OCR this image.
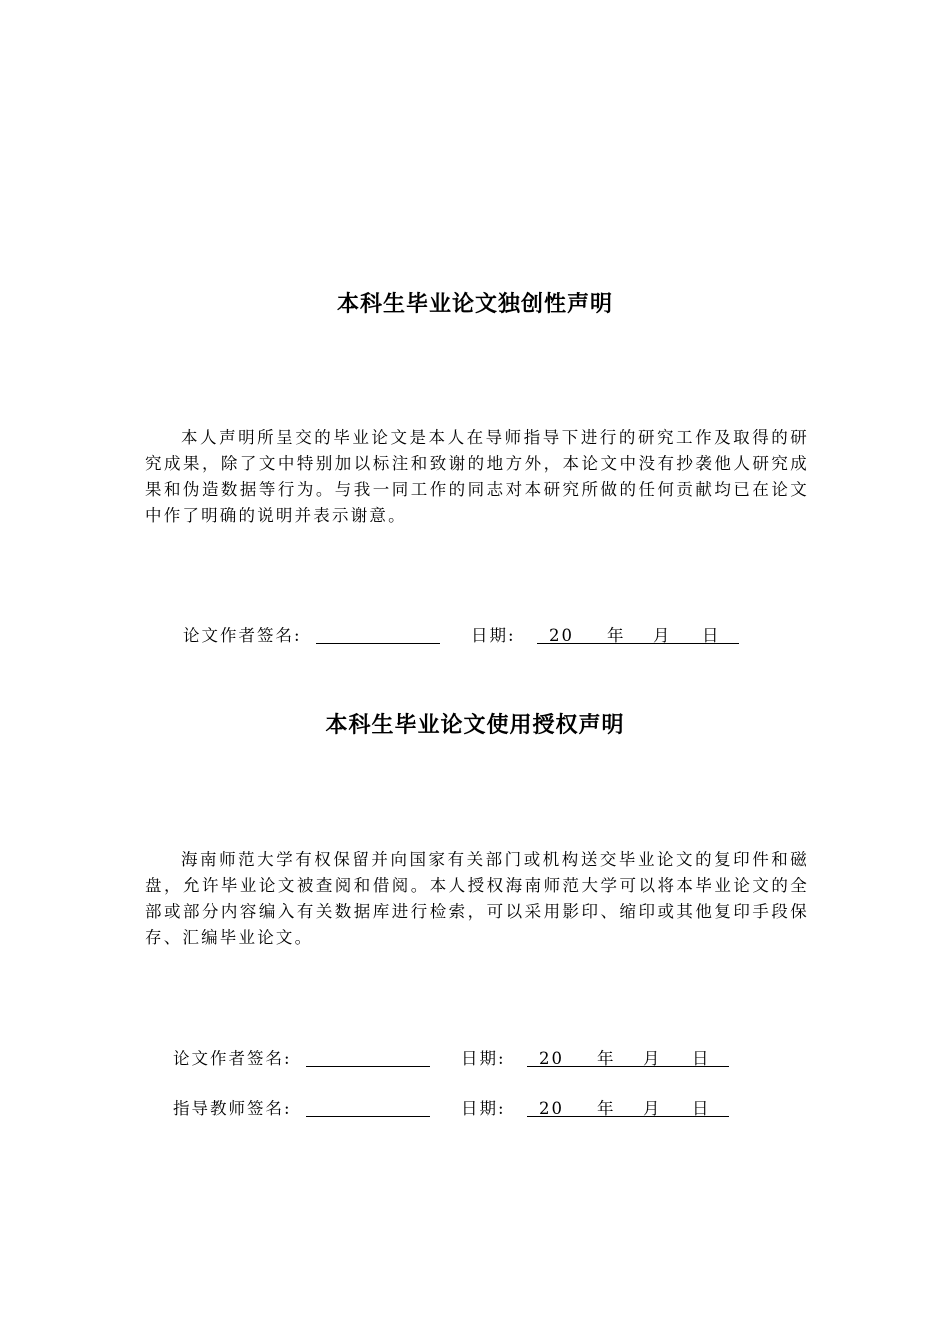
本科生毕业论文独创性声明

本人声明所呈交的毕业论文是本人在导师指导下进行的研究工作及取得的研究成果，除了文中特别加以标注和致谢的地方外，本论文中没有抄袭他人研究成果和伪造数据等行为。与我一同工作的同志对本研究所做的任何贡献均已在论文中作了明确的说明并表示谢意。

论文作者签名:	日期: 20 年 月 日
本科生毕业论文使用授权声明

海南师范大学有权保留并向国家有关部门或机构送交毕业论文的复印件和磁盘，允许毕业论文被查阅和借阅。本人授权海南师范大学可以将本毕业论文的全部或部分内容编入有关数据库进行检索，可以采用影印、缩印或其他复印手段保存、汇编毕业论文。

论文作者签名:	日期: 20 年 月 日
指导教师签名:	日期: 20 年 月 日
